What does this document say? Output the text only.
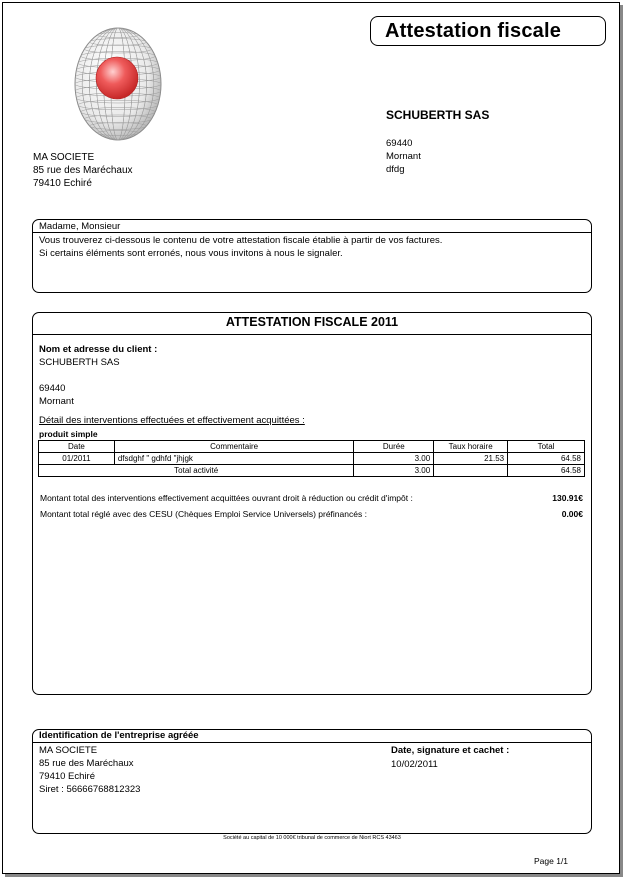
Attestation fiscale
SCHUBERTH SAS
69440
Mornant
dfdg
MA SOCIETE
85 rue des Maréchaux
79410 Echiré
Madame, Monsieur
Vous trouverez ci-dessous le contenu de votre attestation fiscale établie à partir de vos factures.
Si certains éléments sont erronés, nous vous invitons à nous le signaler.
ATTESTATION FISCALE 2011
Nom et adresse du client :
SCHUBERTH SAS
69440
Mornant
Détail des interventions effectuées et effectivement acquittées :
produit simple
Date	Commentaire	Durée	Taux horaire	Total
01/2011	dfsdghf " gdhfd "jhjgk	3.00	21.53	64.58
Total activité		3.00		64.58
Montant total des interventions effectivement acquittées ouvrant droit à réduction ou crédit d'impôt :	130.91€
Montant total réglé avec des CESU (Chèques Emploi Service Universels) préfinancés :	0.00€
Identification de l'entreprise agréée
MA SOCIETE
85 rue des Maréchaux
79410 Echiré
Siret : 56666768812323
Date, signature et cachet :
10/02/2011
Société au capital de 10 000€ tribunal de commerce de Niort RCS 43463
Page 1/1
